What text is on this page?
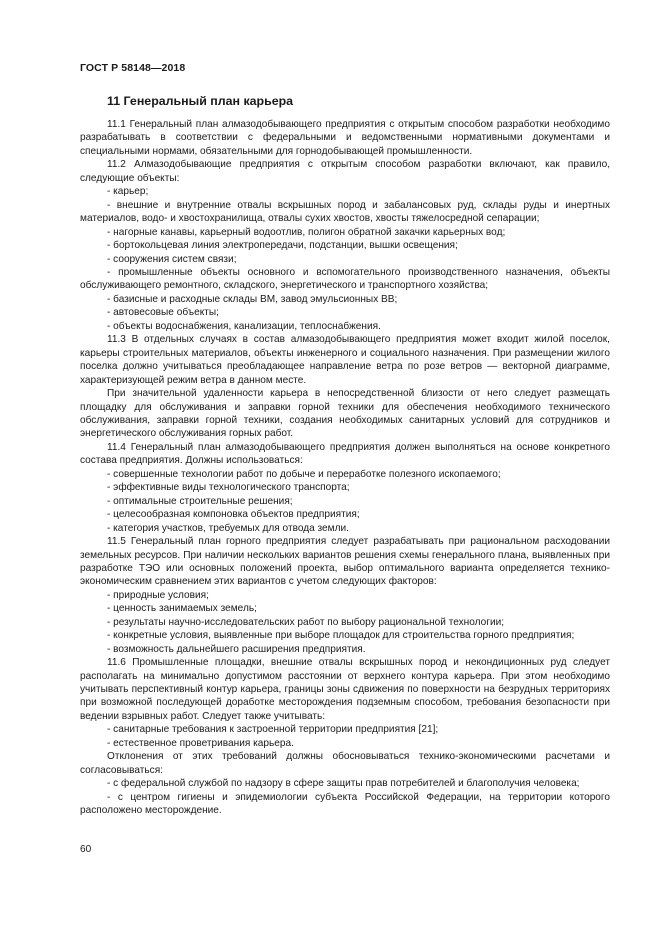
ГОСТ Р 58148—2018
11 Генеральный план карьера

11.1 Генеральный план алмазодобывающего предприятия с открытым способом разработки необходимо разрабатывать в соответствии с федеральными и ведомственными нормативными документами и специальными нормами, обязательными для горнодобывающей промышленности.

11.2 Алмазодобывающие предприятия с открытым способом разработки включают, как правило, следующие объекты:

- карьер;

- внешние и внутренние отвалы вскрышных пород и забалансовых руд, склады руды и инертных материалов, водо- и хвостохранилища, отвалы сухих хвостов, хвосты тяжелосредной сепарации;

- нагорные канавы, карьерный водоотлив, полигон обратной закачки карьерных вод;

- бортокольцевая линия электропередачи, подстанции, вышки освещения;

- сооружения систем связи;

- промышленные объекты основного и вспомогательного производственного назначения, объекты обслуживающего ремонтного, складского, энергетического и транспортного хозяйства;

- базисные и расходные склады ВМ, завод эмульсионных ВВ;

- автовесовые объекты;

- объекты водоснабжения, канализации, теплоснабжения.

11.3 В отдельных случаях в состав алмазодобывающего предприятия может входит жилой поселок, карьеры строительных материалов, объекты инженерного и социального назначения. При размещении жилого поселка должно учитываться преобладающее направление ветра по розе ветров — векторной диаграмме, характеризующей режим ветра в данном месте.

При значительной удаленности карьера в непосредственной близости от него следует размещать площадку для обслуживания и заправки горной техники для обеспечения необходимого технического обслуживания, заправки горной техники, создания необходимых санитарных условий для сотрудников и энергетического обслуживания горных работ.

11.4 Генеральный план алмазодобывающего предприятия должен выполняться на основе конкретного состава предприятия. Должны использоваться:

- совершенные технологии работ по добыче и переработке полезного ископаемого;

- эффективные виды технологического транспорта;

- оптимальные строительные решения;

- целесообразная компоновка объектов предприятия;

- категория участков, требуемых для отвода земли.

11.5 Генеральный план горного предприятия следует разрабатывать при рациональном расходовании земельных ресурсов. При наличии нескольких вариантов решения схемы генерального плана, выявленных при разработке ТЭО или основных положений проекта, выбор оптимального варианта определяется технико-экономическим сравнением этих вариантов с учетом следующих факторов:

- природные условия;

- ценность занимаемых земель;

- результаты научно-исследовательских работ по выбору рациональной технологии;

- конкретные условия, выявленные при выборе площадок для строительства горного предприятия;

- возможность дальнейшего расширения предприятия.

11.6 Промышленные площадки, внешние отвалы вскрышных пород и некондиционных руд следует располагать на минимально допустимом расстоянии от верхнего контура карьера. При этом необходимо учитывать перспективный контур карьера, границы зоны сдвижения по поверхности на безрудных территориях при возможной последующей доработке месторождения подземным способом, требования безопасности при ведении взрывных работ. Следует также учитывать:

- санитарные требования к застроенной территории предприятия [21];

- естественное проветривания карьера.

Отклонения от этих требований должны обосновываться технико-экономическими расчетами и согласовываться:

- с федеральной службой по надзору в сфере защиты прав потребителей и благополучия человека;

- с центром гигиены и эпидемиологии субъекта Российской Федерации, на территории которого расположено месторождение.

60
